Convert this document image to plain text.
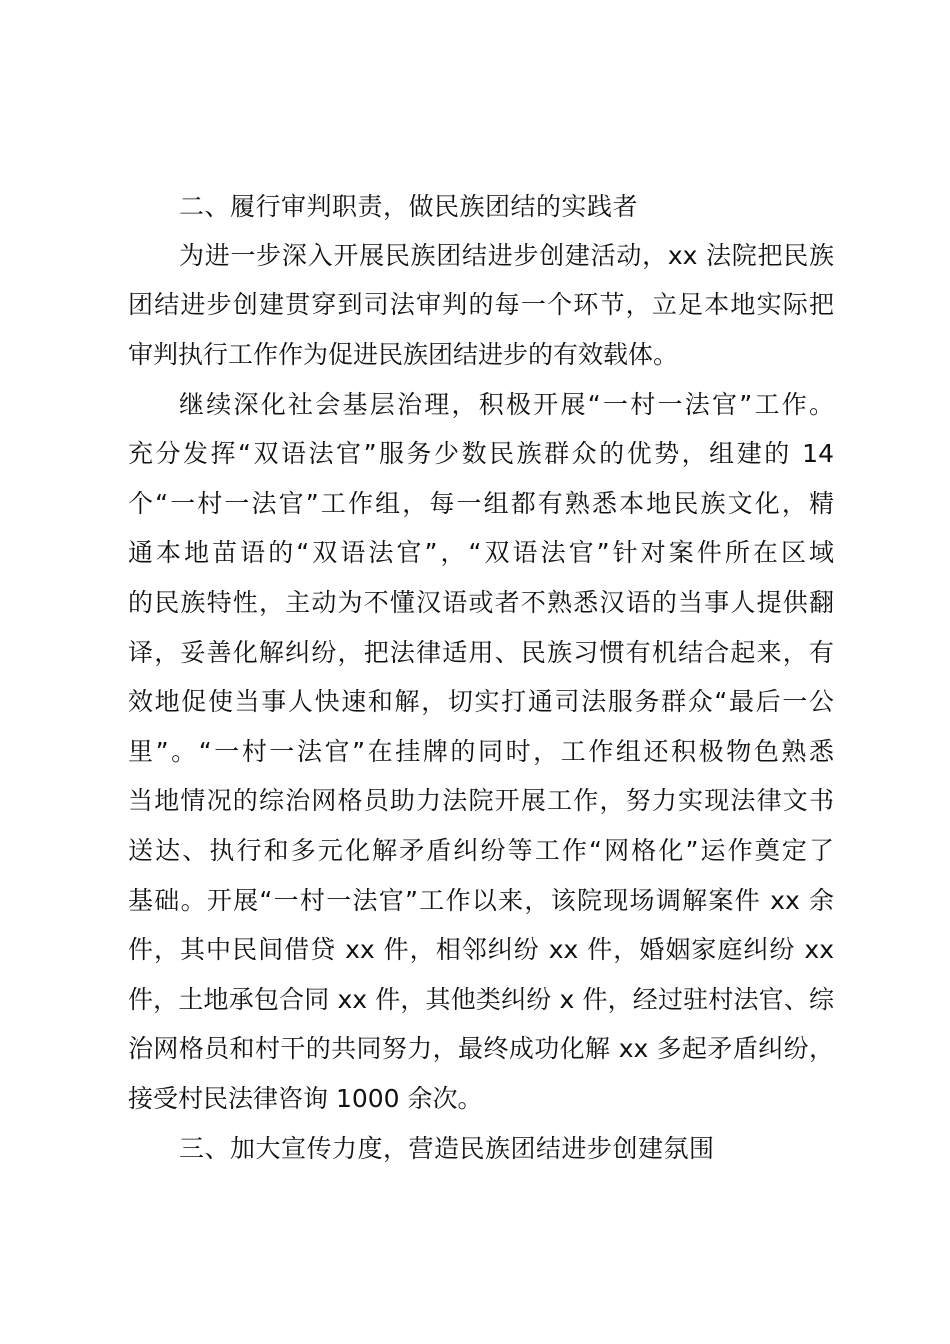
二、履行审判职责，做民族团结的实践者
为进一步深入开展民族团结进步创建活动，xx 法院把民族
团结进步创建贯穿到司法审判的每一个环节，立足本地实际把
审判执行工作作为促进民族团结进步的有效载体。
继续深化社会基层治理，积极开展“一村一法官”工作。
充分发挥“双语法官”服务少数民族群众的优势，组建的 14
个“一村一法官”工作组，每一组都有熟悉本地民族文化，精
通本地苗语的“双语法官”，“双语法官”针对案件所在区域
的民族特性，主动为不懂汉语或者不熟悉汉语的当事人提供翻
译，妥善化解纠纷，把法律适用、民族习惯有机结合起来，有
效地促使当事人快速和解，切实打通司法服务群众“最后一公
里”。“一村一法官”在挂牌的同时，工作组还积极物色熟悉
当地情况的综治网格员助力法院开展工作，努力实现法律文书
送达、执行和多元化解矛盾纠纷等工作“网格化”运作奠定了
基础。开展“一村一法官”工作以来，该院现场调解案件 xx 余
件，其中民间借贷 xx 件，相邻纠纷 xx 件，婚姻家庭纠纷 xx
件，土地承包合同 xx 件，其他类纠纷 x 件，经过驻村法官、综
治网格员和村干的共同努力，最终成功化解 xx 多起矛盾纠纷，
接受村民法律咨询 1000 余次。
三、加大宣传力度，营造民族团结进步创建氛围
